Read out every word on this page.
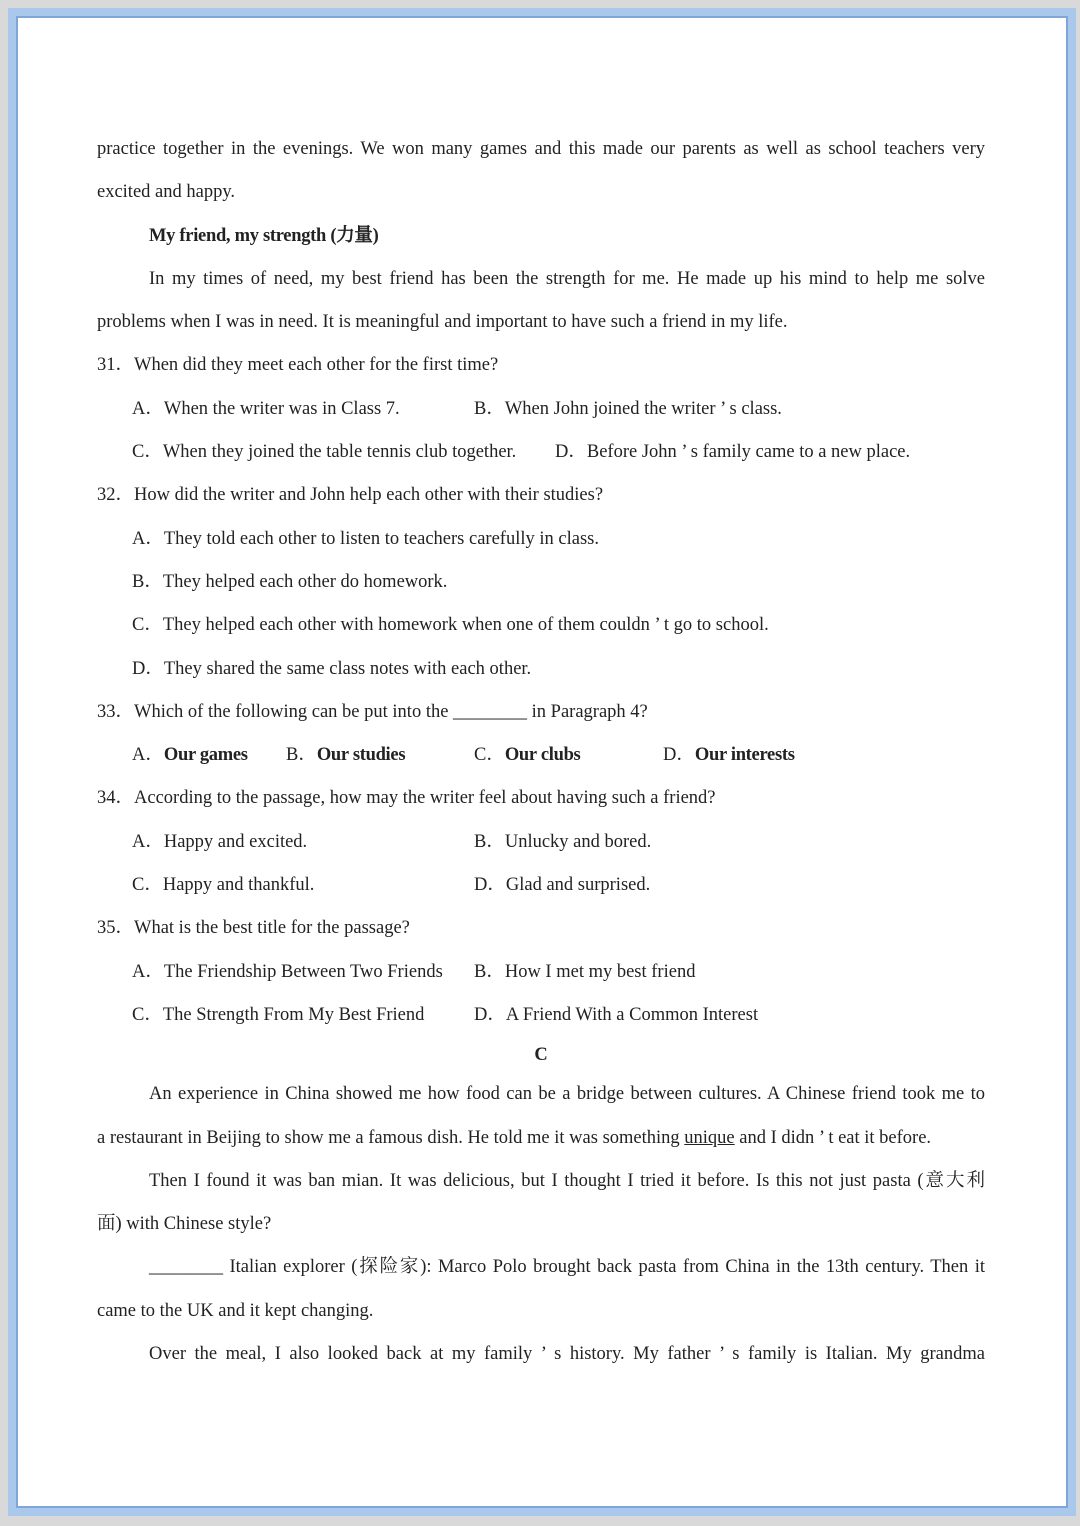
practice together in the evenings. We won many games and this made our parents as well as school teachers very
excited and happy.
My friend, my strength (力量)
In my times of need, my best friend has been the strength for me. He made up his mind to help me solve
problems when I was in need. It is meaningful and important to have such a friend in my life.
31．When did they meet each other for the first time?
A．When the writer was in Class 7.	B．When John joined the writer ’ s class.
C．When they joined the table tennis club together. D．Before John ’ s family came to a new place.
32．How did the writer and John help each other with their studies?
A．They told each other to listen to teachers carefully in class.
B．They helped each other do homework.
C．They helped each other with homework when one of them couldn ’ t go to school.
D．They shared the same class notes with each other.
33．Which of the following can be put into the ________ in Paragraph 4?
A．Our games B．Our studies	C．Our clubs	D．Our interests
34．According to the passage, how may the writer feel about having such a friend?
A．Happy and excited.	B．Unlucky and bored.
C．Happy and thankful.	D．Glad and surprised.
35．What is the best title for the passage?
A．The Friendship Between Two Friends B．How I met my best friend
C．The Strength From My Best Friend	D．A Friend With a Common Interest
C
An experience in China showed me how food can be a bridge between cultures. A Chinese friend took me to
a restaurant in Beijing to show me a famous dish. He told me it was something unique and I didn ’ t eat it before.
Then I found it was ban mian. It was delicious, but I thought I tried it before. Is this not just pasta (意大利
面) with Chinese style?
________ Italian explorer (探险家): Marco Polo brought back pasta from China in the 13th century. Then it
came to the UK and it kept changing.
Over the meal, I also looked back at my family ’ s history. My father ’ s family is Italian. My grandma
